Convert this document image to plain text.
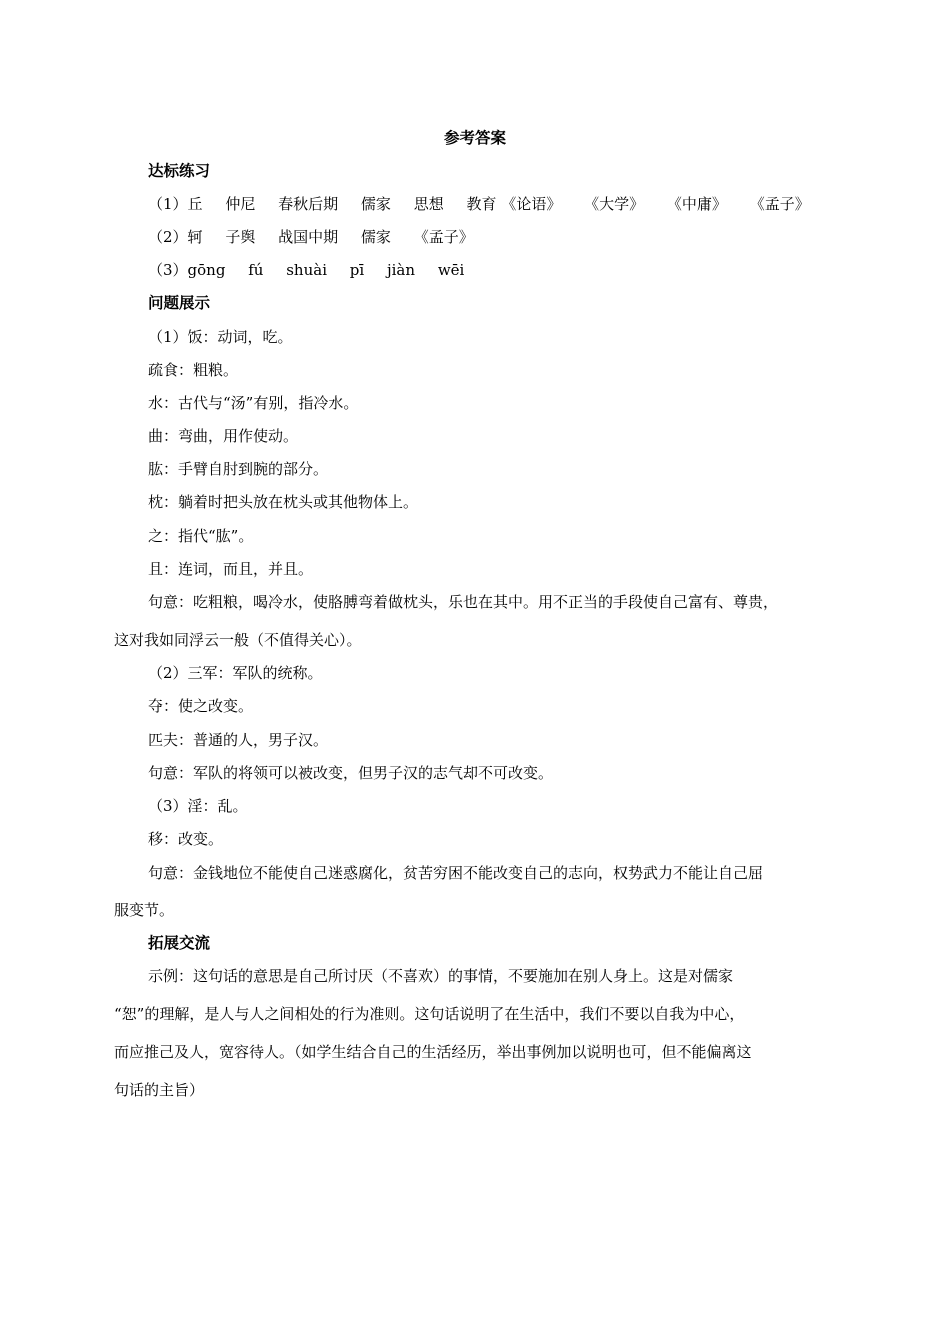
参考答案
达标练习
（1）丘 仲尼 春秋后期 儒家 思想 教育 《论语》 《大学》 《中庸》 《孟子》
（2）轲 子舆 战国中期 儒家 《孟子》
（3）gōng fú shuài pī jiàn wēi
问题展示
（1）饭：动词，吃。
疏食：粗粮。
水：古代与“汤”有别，指冷水。
曲：弯曲，用作使动。
肱：手臂自肘到腕的部分。
枕：躺着时把头放在枕头或其他物体上。
之：指代“肱”。
且：连词，而且，并且。
句意：吃粗粮，喝冷水，使胳膊弯着做枕头，乐也在其中。用不正当的手段使自己富有、尊贵，
这对我如同浮云一般（不值得关心）。
（2）三军：军队的统称。
夺：使之改变。
匹夫：普通的人，男子汉。
句意：军队的将领可以被改变，但男子汉的志气却不可改变。
（3）淫：乱。
移：改变。
句意：金钱地位不能使自己迷惑腐化，贫苦穷困不能改变自己的志向，权势武力不能让自己屈
服变节。
拓展交流
示例：这句话的意思是自己所讨厌（不喜欢）的事情，不要施加在别人身上。这是对儒家
“恕”的理解，是人与人之间相处的行为准则。这句话说明了在生活中，我们不要以自我为中心，
而应推己及人，宽容待人。（如学生结合自己的生活经历，举出事例加以说明也可，但不能偏离这
句话的主旨）
